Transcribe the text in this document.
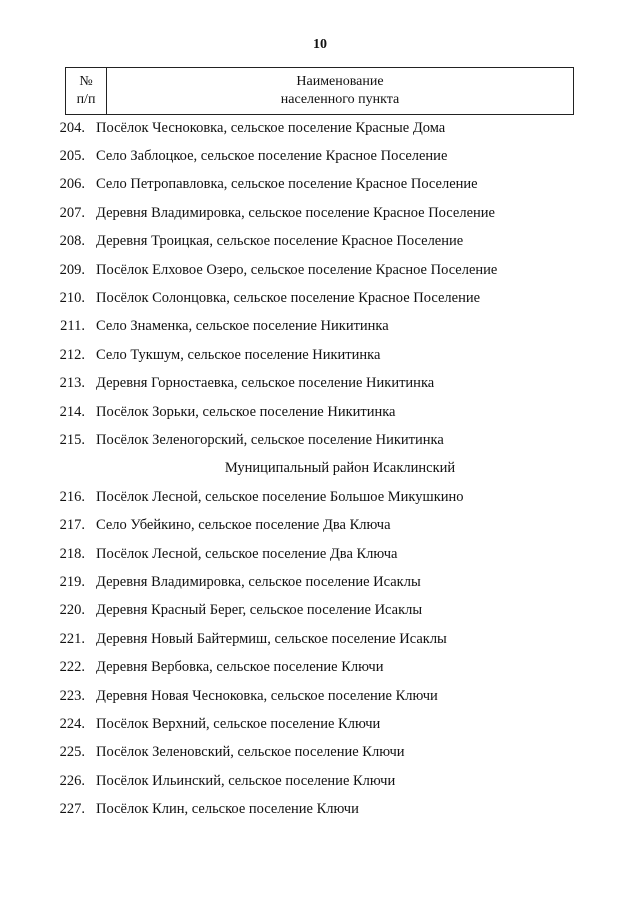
10
№
п/п
Наименование
населенного пункта
204. Посёлок Чесноковка, сельское поселение Красные Дома
205. Село Заблоцкое, сельское поселение Красное Поселение
206. Село Петропавловка, сельское поселение Красное Поселение
207. Деревня Владимировка, сельское поселение Красное Поселение
208. Деревня Троицкая, сельское поселение Красное Поселение
209. Посёлок Елховое Озеро, сельское поселение Красное Поселение
210. Посёлок Солонцовка, сельское поселение Красное Поселение
211. Село Знаменка, сельское поселение Никитинка
212. Село Тукшум, сельское поселение Никитинка
213. Деревня Горностаевка, сельское поселение Никитинка
214. Посёлок Зорьки, сельское поселение Никитинка
215. Посёлок Зеленогорский, сельское поселение Никитинка
Муниципальный район Исаклинский
216. Посёлок Лесной, сельское поселение Большое Микушкино
217. Село Убейкино, сельское поселение Два Ключа
218. Посёлок Лесной, сельское поселение Два Ключа
219. Деревня Владимировка, сельское поселение Исаклы
220. Деревня Красный Берег, сельское поселение Исаклы
221. Деревня Новый Байтермиш, сельское поселение Исаклы
222. Деревня Вербовка, сельское поселение Ключи
223. Деревня Новая Чесноковка, сельское поселение Ключи
224. Посёлок Верхний, сельское поселение Ключи
225. Посёлок Зеленовский, сельское поселение Ключи
226. Посёлок Ильинский, сельское поселение Ключи
227. Посёлок Клин, сельское поселение Ключи
